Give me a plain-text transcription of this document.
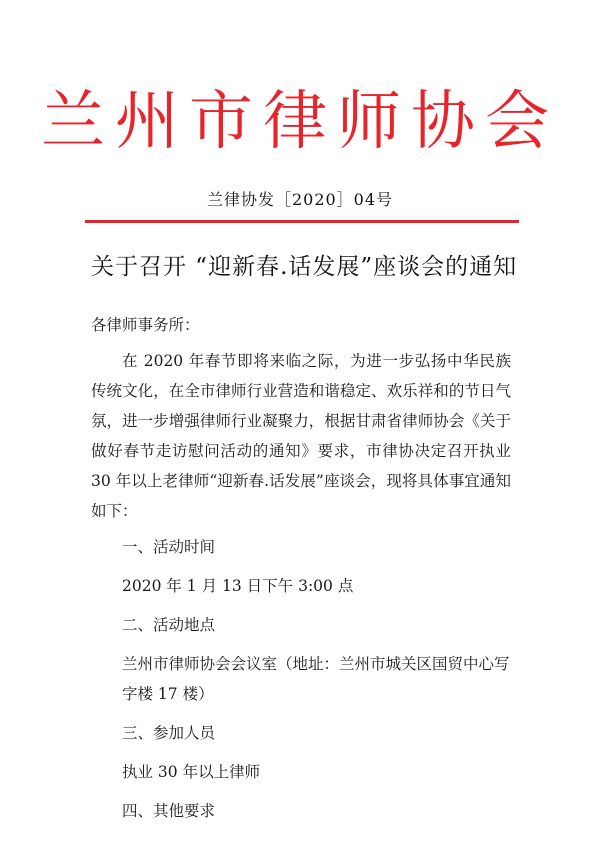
兰州市律师协会
兰律协发［2020］04号
关于召开 “迎新春.话发展”座谈会的通知

各律师事务所：

在 2020 年春节即将来临之际，为进一步弘扬中华民族传统文化，在全市律师行业营造和谐稳定、欢乐祥和的节日气氛，进一步增强律师行业凝聚力，根据甘肃省律师协会《关于做好春节走访慰问活动的通知》要求，市律协决定召开执业 30 年以上老律师“迎新春.话发展”座谈会，现将具体事宜通知如下：

一、活动时间

2020 年 1 月 13 日下午 3:00 点

二、活动地点

兰州市律师协会会议室（地址：兰州市城关区国贸中心写字楼 17 楼）

三、参加人员

执业 30 年以上律师

四、其他要求
